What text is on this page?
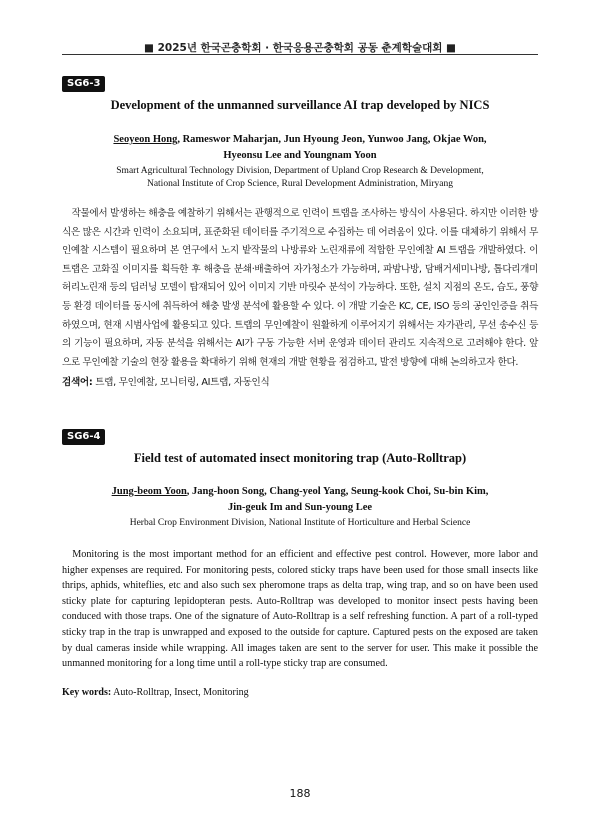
■ 2025년 한국곤충학회 · 한국응용곤충학회 공동 춘계학술대회 ■
SG6-3
Development of the unmanned surveillance AI trap developed by NICS
Seoyeon Hong, Rameswor Maharjan, Jun Hyoung Jeon, Yunwoo Jang, Okjae Won,
Hyeonsu Lee and Youngnam Yoon
Smart Agricultural Technology Division, Department of Upland Crop Research & Development,
National Institute of Crop Science, Rural Development Administration, Miryang
작물에서 발생하는 해충을 예찰하기 위해서는 관행적으로 인력이 트랩을 조사하는 방식이 사용된다. 하지만 이러한 방식은 많은 시간과 인력이 소요되며, 표준화된 데이터를 주기적으로 수집하는 데 어려움이 있다. 이를 대체하기 위해서 무인예찰 시스템이 필요하며 본 연구에서 노지 밭작물의 나방류와 노린재류에 적합한 무인예찰 AI 트랩을 개발하였다. 이 트랩은 고화질 이미지를 획득한 후 해충을 분쇄·배출하여 자가청소가 가능하며, 파밤나방, 담배거세미나방, 톱다리개미허리노린재 등의 딥러닝 모델이 탑재되어 있어 이미지 기반 마릿수 분석이 가능하다. 또한, 설치 지점의 온도, 습도, 풍향 등 환경 데이터를 동시에 취득하여 해충 발생 분석에 활용할 수 있다. 이 개발 기술은 KC, CE, ISO 등의 공인인증을 취득하였으며, 현재 시범사업에 활용되고 있다. 트랩의 무인예찰이 원활하게 이루어지기 위해서는 자가관리, 무선 송수신 등의 기능이 필요하며, 자동 분석을 위해서는 AI가 구동 가능한 서버 운영과 데이터 관리도 지속적으로 고려해야 한다. 앞으로 무인예찰 기술의 현장 활용을 확대하기 위해 현재의 개발 현황을 점검하고, 발전 방향에 대해 논의하고자 한다.
검색어: 트랩, 무인예찰, 모니터링, AI트랩, 자동인식
SG6-4
Field test of automated insect monitoring trap (Auto-Rolltrap)
Jung-beom Yoon, Jang-hoon Song, Chang-yeol Yang, Seung-kook Choi, Su-bin Kim,
Jin-geuk Im and Sun-young Lee
Herbal Crop Environment Division, National Institute of Horticulture and Herbal Science
Monitoring is the most important method for an efficient and effective pest control. However, more labor and higher expenses are required. For monitoring pests, colored sticky traps have been used for those small insects like thrips, aphids, whiteflies, etc and also such sex pheromone traps as delta trap, wing trap, and so on have been used sticky plate for capturing lepidopteran pests. Auto-Rolltrap was developed to monitor insect pests having been conduced with those traps. One of the signature of Auto-Rolltrap is a self refreshing function. A part of a roll-typed sticky trap in the trap is unwrapped and exposed to the outside for capture. Captured pests on the exposed are taken by dual cameras inside while wrapping. All images taken are sent to the server for user. This make it possible the unmanned monitoring for a long time until a roll-type sticky trap are consumed.
Key words: Auto-Rolltrap, Insect, Monitoring
188
